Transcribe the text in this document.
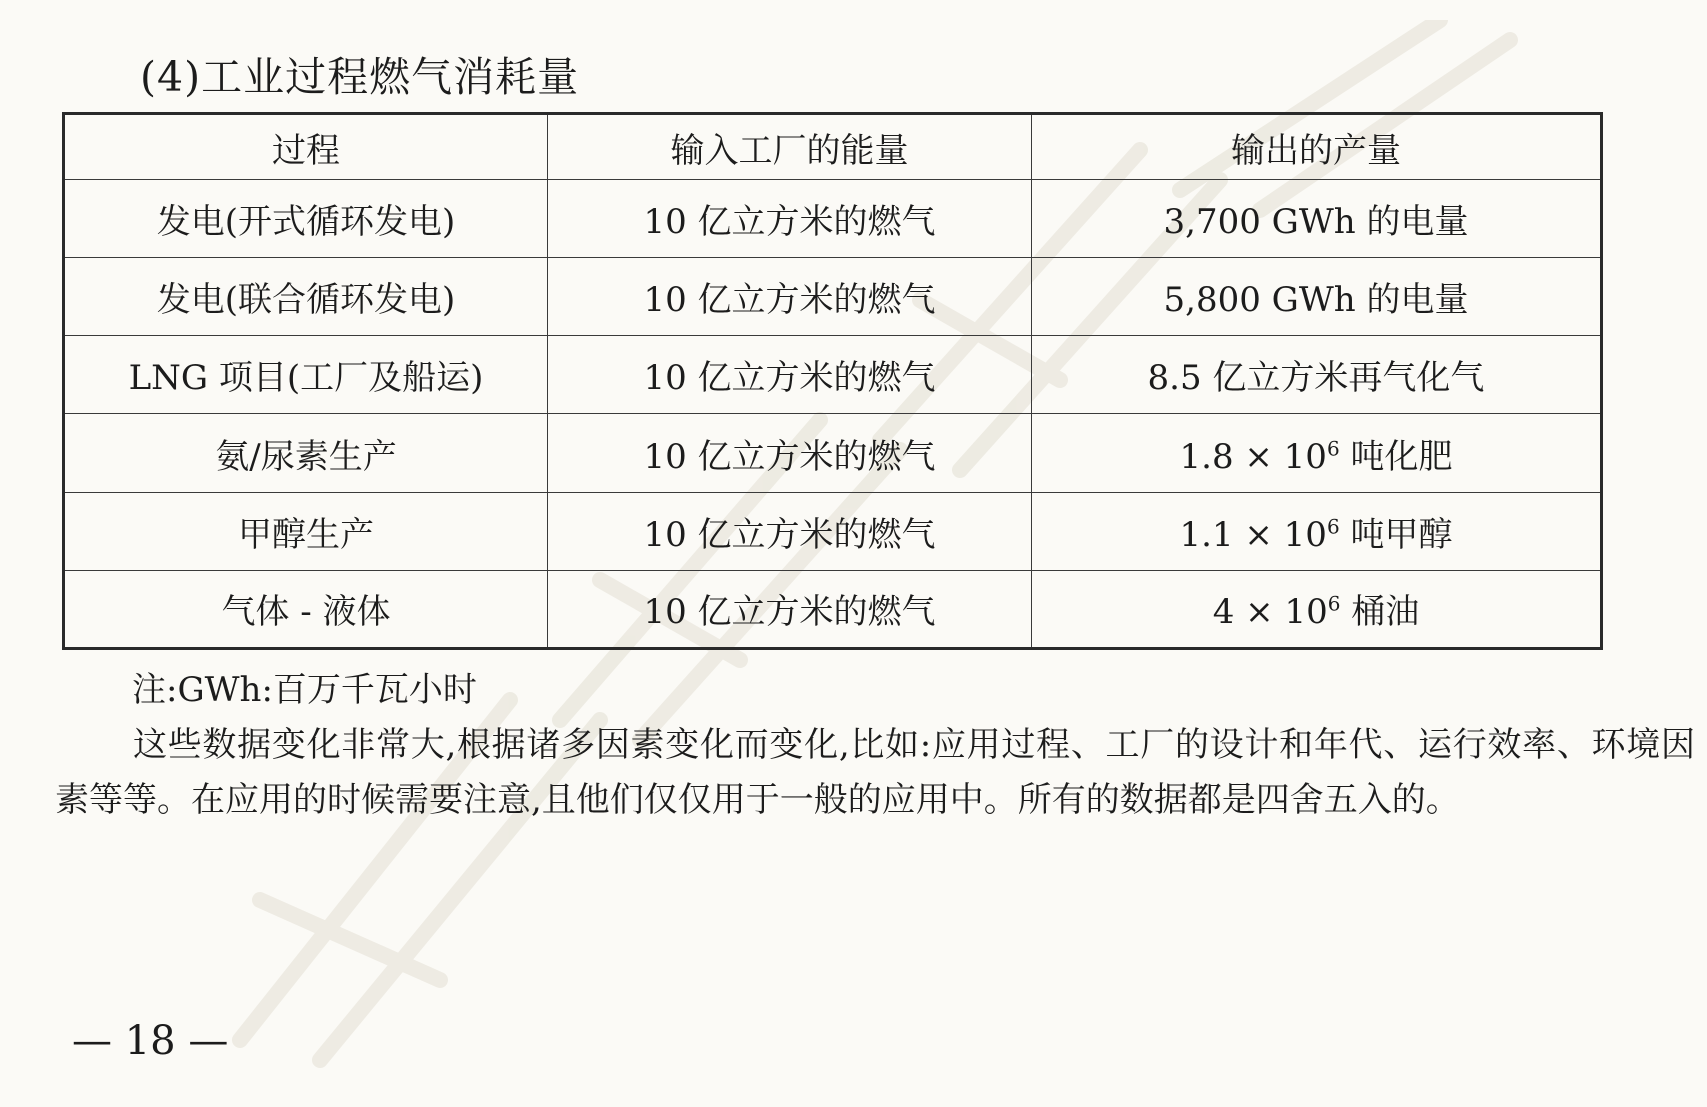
(4)工业过程燃气消耗量
过程	输入工厂的能量	输出的产量
发电(开式循环发电)	10 亿立方米的燃气	3,700 GWh 的电量
发电(联合循环发电)	10 亿立方米的燃气	5,800 GWh 的电量
LNG 项目(工厂及船运)	10 亿立方米的燃气	8.5 亿立方米再气化气
氨/尿素生产	10 亿立方米的燃气	$1.8 \times 10^6$ 吨化肥
甲醇生产	10 亿立方米的燃气	$1.1 \times 10^6$ 吨甲醇
气体 - 液体	10 亿立方米的燃气	$4 \times 10^6$ 桶油
注:GWh:百万千瓦小时

这些数据变化非常大,根据诸多因素变化而变化,比如:应用过程、工厂的设计和年代、运行效率、环境因素等等。在应用的时候需要注意,且他们仅仅用于一般的应用中。所有的数据都是四舍五入的。

— 18 —
